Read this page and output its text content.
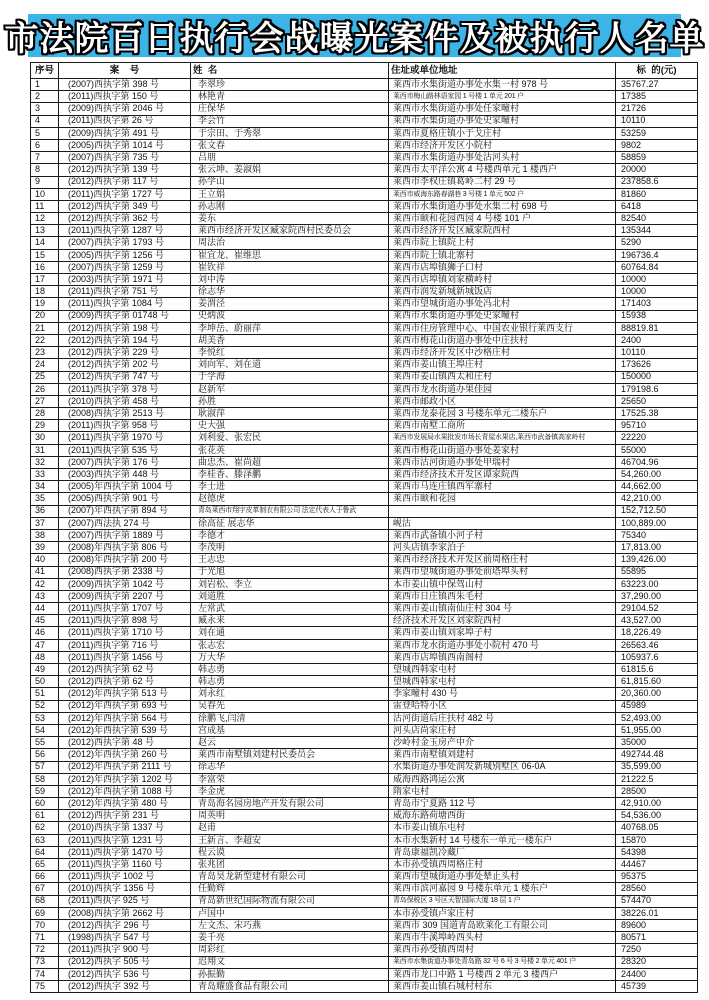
市法院百日执行会战曝光案件及被执行人名单
序号	案    号	姓  名	住址或单位地址	标  的(元)
1	(2007)西执字第 398 号	李翠珍	莱西市水集街道办事处水集一村 978 号	35767.27
2	(2011)西执字第 150 号	林艳青	莱西市梅山路林语家园 1 号楼 1 单元 201 户	17385
3	(2009)西执字第 2046 号	庄保华	莱西市水集街道办事处任家疃村	21726
4	(2011)西执字第 26 号	李会竹	莱西市水集街道办事处史家疃村	10110
5	(2009)西执字第 491 号	于宗田、于秀翠	莱西市夏格庄镇小于戈庄村	53259
6	(2005)西执字第 1014 号	张文春	莱西市经济开发区小院村	9802
7	(2007)西执字第 735 号	吕朋	莱西市水集街道办事处沽河头村	58859
8	(2012)西执字第 139 号	张云坤、姜淑娟	莱西市太平洋公寓 4 号楼西单元 1 楼西户	20000
9	(2012)西执字第 117 号	孙学山	莱西市李权庄镇葛岭二村 29 号	237858.6
10	(2011)西执字第 1727 号	王立娟	莱西市威海东路春湖巷 3 号楼 1 单元 502 户	81860
11	(2012)西执字第 349 号	孙志刚	莱西市水集街道办事处水集二村 698 号	6418
12	(2012)西执字第 362 号	姜东	莱西市颐和花园西园 4 号楼 101 户	82540
13	(2011)西执字第 1287 号	莱西市经济开发区臧家院西村民委员会	莱西市经济开发区臧家院西村	135344
14	(2007)西执字第 1793 号	周法治	莱西市院上镇院上村	5290
15	(2005)西执字第 1256 号	崔宜龙、崔维思	莱西市院上镇北寨村	196736.4
16	(2007)西执字第 1259 号	崔钦祥	莱西市店埠镇狮子口村	60764.84
17	(2003)西执字第 1971 号	刘中涛	莱西市店埠镇刘家横岭村	10000
18	(2011)西执字第 751 号	徐志华	莱西市润发新城新城饭店	10000
19	(2011)西执字第 1084 号	姜渭泾	莱西市望城街道办事处冯北村	171403
20	(2009)西执字第 01748 号	史炳波	莱西市水集街道办事处史家疃村	15938
21	(2012)西执字第 198 号	李坤岳、蔚丽萍	莱西市住房管理中心、中国农业银行莱西支行	88819.81
22	(2012)西执字第 194 号	胡美香	莱西市梅花山街道办事处中庄扶村	2400
23	(2012)西执字第 229 号	李悦红	莱西市经济开发区中沙格庄村	10110
24	(2012)西执字第 202 号	刘向军、刘在道	莱西市姜山镇王埠庄村	173626
25	(2012)西执字第 747 号	于学海	莱西市姜山镇西太和庄村	150000
26	(2011)西执字第 378 号	赵新军	莱西市龙水街道办果佳园	179198.6
27	(2010)西执字第 458 号	孙胜	莱西市邮政小区	25650
28	(2008)西执字第 2513 号	耿淑萍	莱西市龙泰花园 3 号楼东单元二楼东户	17525.38
29	(2011)西执字第 958 号	史大强	莱西市南墅工商所	95710
30	(2011)西执字第 1970 号	刘利爱、张宏民	莱西市发展局水果批发市场长青屋水果店,莱西市武备镇高家岭村	22220
31	(2011)西执字第 535 号	张花英	莱西市梅花山街道办事处姜家村	55000
32	(2007)西执字第 176 号	曲忠杰、崔尚超	莱西市沽河街道办事处甲瑞村	46704.96
33	(2003)西执字第 448 号	李桂香、滕泽鹏	莱西市经济技术开发区谭家院西	54,260.00
34	(2005)年西执字第 1004 号	李士进	莱西市马连庄镇西军寨村	44,662.00
35	(2005)西执字第 901 号	赵德虎	莱西市颐和花园	42,210.00
36	(2007)年西执字第 894 号	青岛莱西市翔宇皮革制衣有限公司 法定代表人于鲁武		152,712.50
37	(2007)西法执 274 号	徐高征 展志华	岘沽	100,889.00
38	(2007)西执字第 1889 号	李德才	莱西市武备镇小河子村	75340
39	(2008)年西执字第 806 号	李茂明	河头店镇李家泊子	17,813.00
40	(2008)年西执字第 200 号	王志忠	莱西市经济技术开发区前周格庄村	139,426.00
41	(2008)西执字第 2338 号	于光旭	莱西市望城街道办事处前塔埠头村	55895
42	(2009)西执字第 1042 号	刘岩松、李立	本市姜山镇中保驾山村	63223.00
43	(2009)西执字第 2207 号	刘道胜	莱西市日庄镇西朱毛村	37,290.00
44	(2011)西执字第 1707 号	左常武	莱西市姜山镇南仙庄村 304 号	29104.52
45	(2011)西执字第 898 号	臧永来	经济技术开发区刘家院西村	43,527.00
46	(2011)西执字第 1710 号	刘在通	莱西市姜山镇刘家埠子村	18,226.49
47	(2011)西执字第 716 号	张志宏	莱西市龙水街道办事处小院村 470 号	26563.46
48	(2011)西执字第 1456 号	万大华	莱西市店埠镇西南阁村	105937.6
49	(2012)西执字第 62 号	韩志勇	望城西韩家屯村	61815.6
50	(2012)西执字第 62 号	韩志勇	望城西韩家屯村	61,815.60
51	(2012)年西执字第 513 号	刘永红	李家疃村 430 号	20,360.00
52	(2012)年西执字第 693 号	吴春先	雷登哈特小区	45989
53	(2012)年西执字第 564 号	徐鹏飞,闫清	沽河街道后庄扶村 482 号	52,493.00
54	(2012)年西执字第 539 号	宫成基	河头店尚家庄村	51,955.00
55	(2012)西执字第 48 号	赵云	沙岭村金玉房产中介	35000
56	(2012)年西执字第 260 号	莱西市南墅镇刘建村民委员会	莱西市南墅镇刘建村	492744.48
57	(2012)年西执字第 2111 号	徐志华	水集街道办事处润发新城别墅区 06-0A	35,599.00
58	(2012)年西执字第 1202 号	李富荣	威海西路鸿运公寓	21222.5
59	(2012)年西执字第 1088 号	李金虎	隋家屯村	28500
60	(2012)年西执字第 480 号	青岛海名园房地产开发有限公司	青岛市宁夏路 112 号	42,910.00
61	(2012)西执字第 231 号	周英明	威海东路荷塘西街	54,536.00
62	(2010)西执字第 1337 号	赵甫	本市姜山镇东屯村	40768.05
63	(2011)西执字第 1231 号	王新言、李超安	本市水集新村 14 号楼东一单元一楼东户	15870
64	(2011)西执字第 1470 号	程云谟	青岛康福凯冷藏厂	54398
65	(2011)西执字第 1160 号	张兆团	本市孙受镇西周格庄村	44467
66	(2011)西执字 1002 号	青岛昊龙新型建材有限公司	莱西市望城街道办事处辇止头村	95375
67	(2010)西执字 1356 号	任勤辉	莱西市滨河嘉园 9 号楼东单元 1 楼东户	28560
68	(2011)西执字 925 号	青岛新世纪国际物流有限公司	青岛保税区 3 号区天智国际大厦 18 层 1 户	574470
69	(2008)西执字第 2662 号	卢国中	本市孙受镇卢家庄村	38226.01
70	(2012)西执字 296 号	左文杰、宋巧燕	莱西市 309 国道青岛欧莱化工有限公司	89600
71	(1998)西执字 547 号	姜千亮	莱西市牛溪埠岭西头村	80571
72	(2011)西执字 900 号	周彩红	莱西市孙受镇西周村	7250
73	(2012)西执字 505 号	迟翔文	莱西市水集街道办事处青岛路 32 号 6 号 3 号楼 2 单元 401 户	28320
74	(2012)西执字 536 号	孙振勤	莱西市龙口中路 1 号楼西 2 单元 3 楼西户	24400
75	(2012)西执字 392 号	青岛耀盛食品有限公司	莱西市姜山镇石城村村东	45739
